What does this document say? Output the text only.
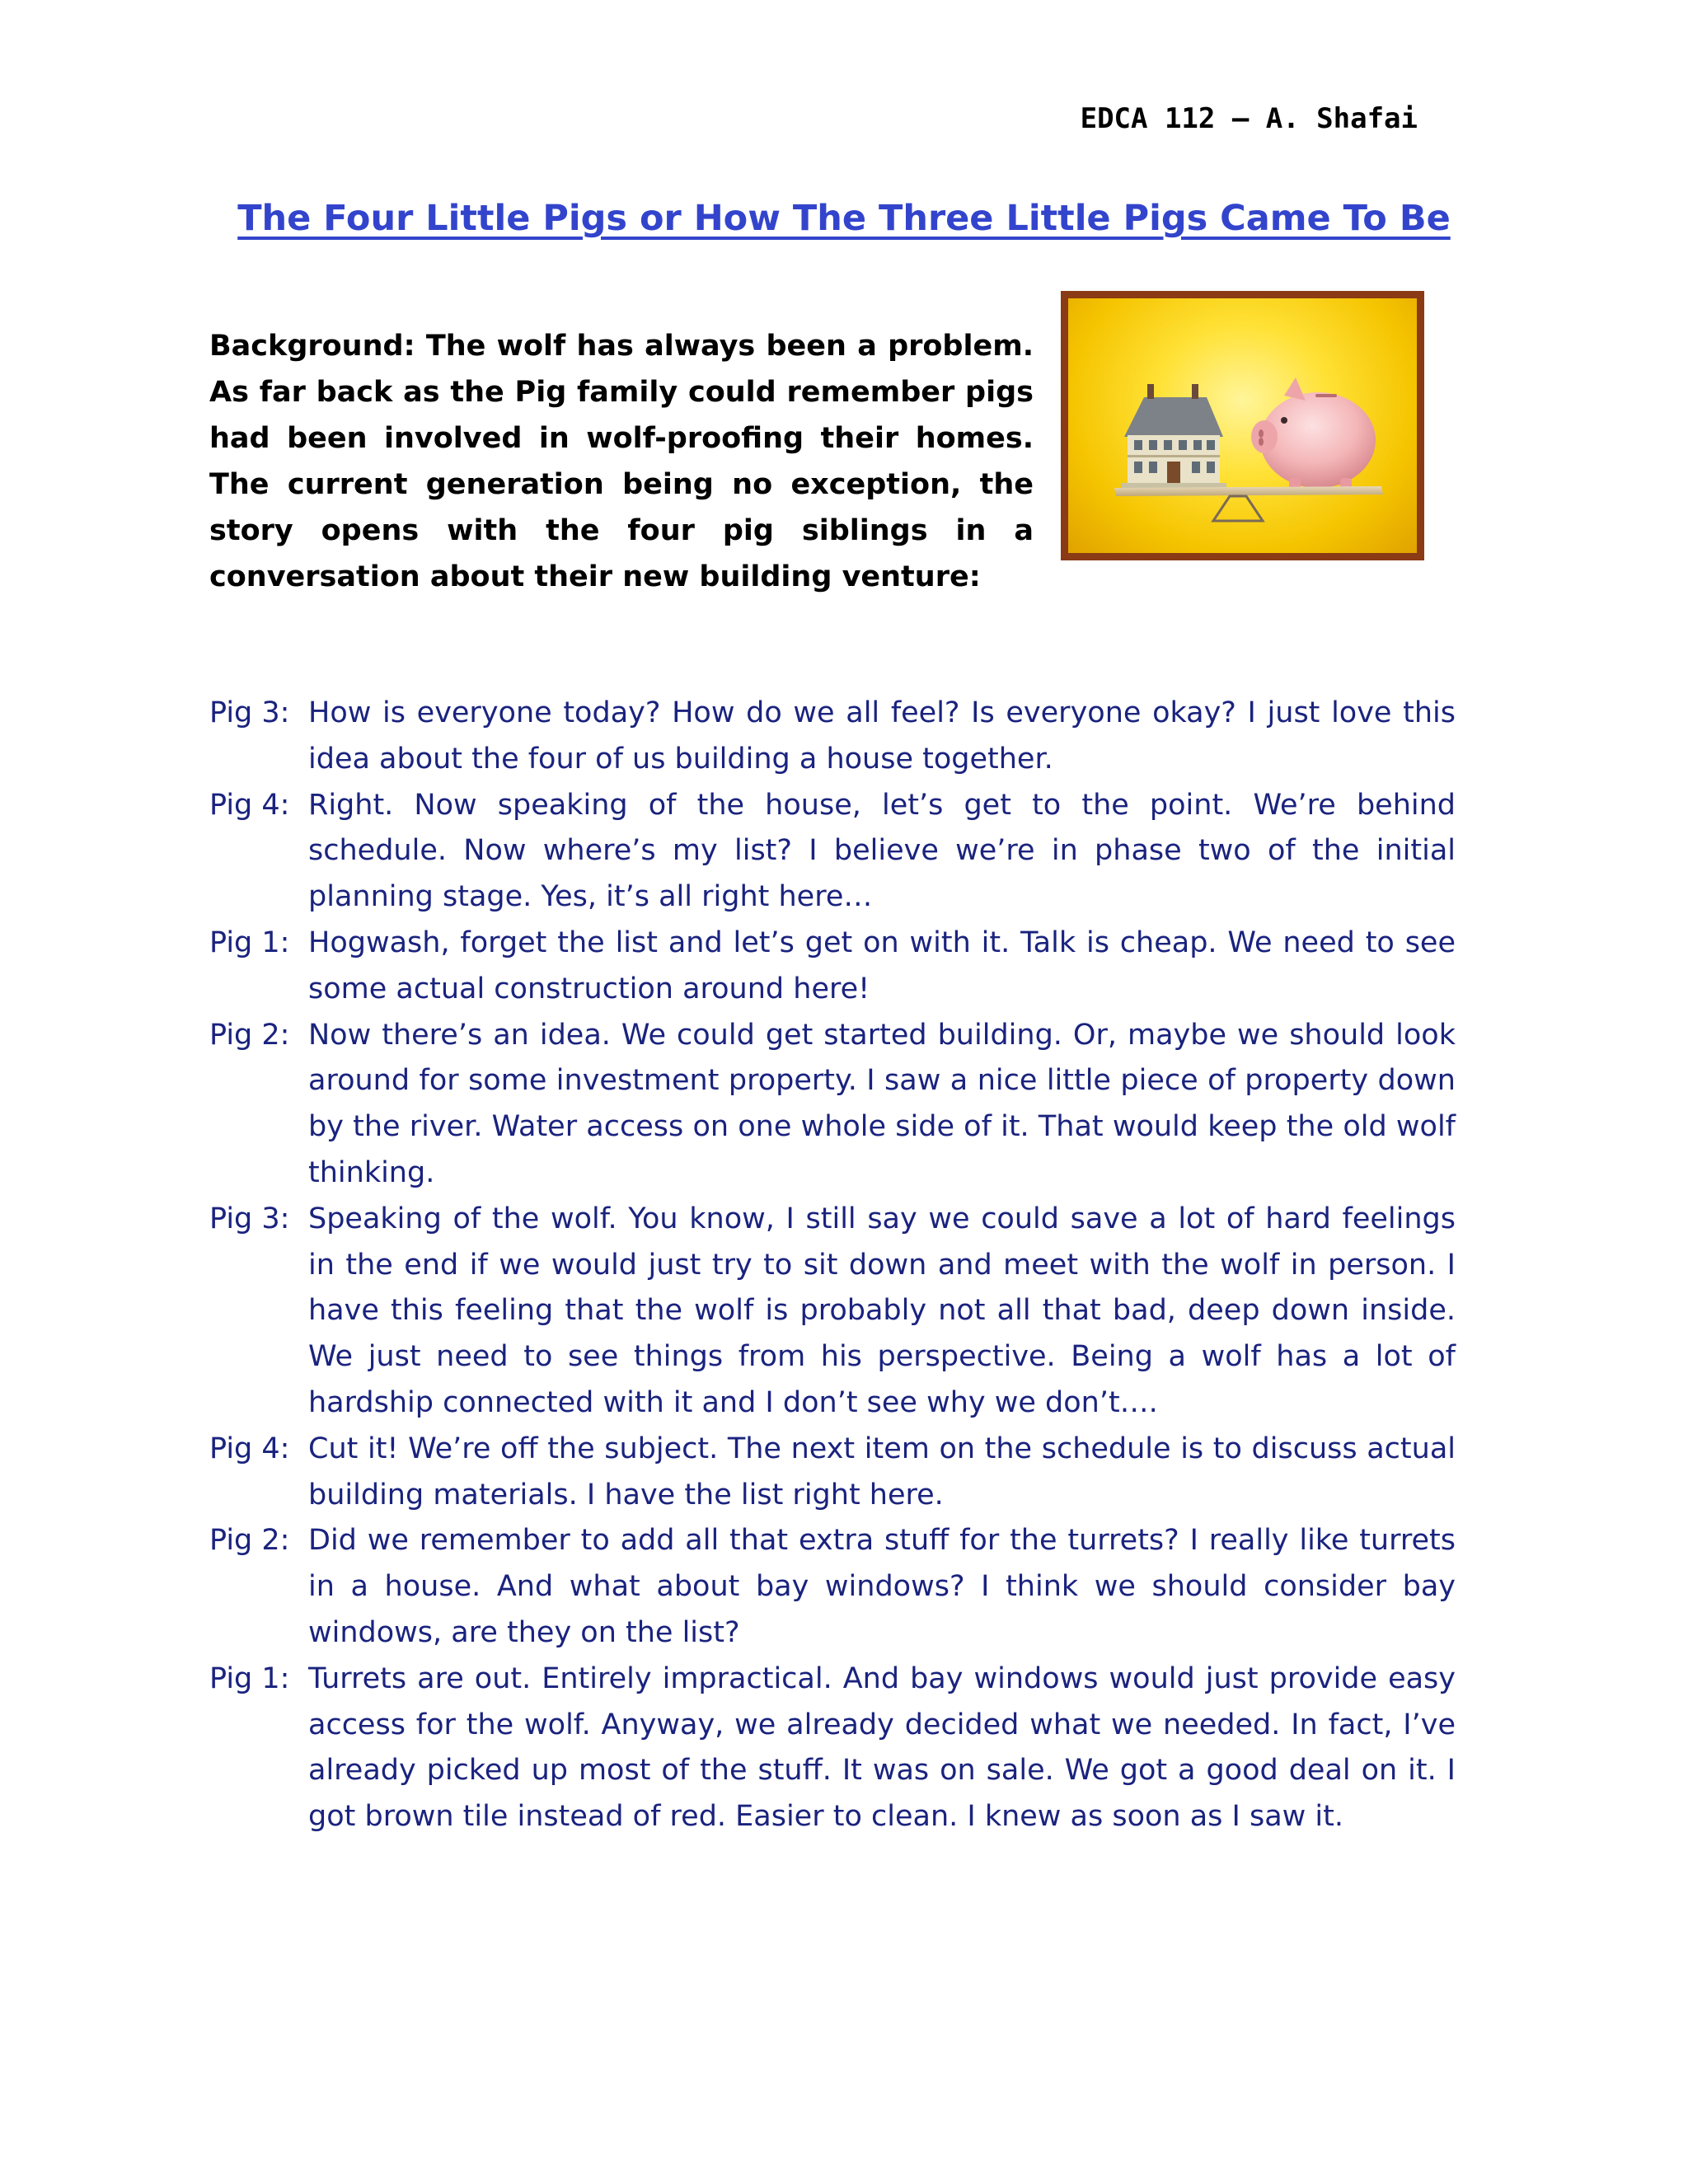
EDCA 112 – A. Shafai
The Four Little Pigs or How The Three Little Pigs Came To Be
Background: The wolf has always been a problem. As far back as the Pig family could remember pigs had been involved in wolf-proofing their homes. The current generation being no exception, the story opens with the four pig siblings in a conversation about their new building venture:
Pig 3: How is everyone today? How do we all feel? Is everyone okay? I just love this idea about the four of us building a house together.
Pig 4: Right. Now speaking of the house, let’s get to the point. We’re behind schedule. Now where’s my list? I believe we’re in phase two of the initial planning stage. Yes, it’s all right here…
Pig 1: Hogwash, forget the list and let’s get on with it. Talk is cheap. We need to see some actual construction around here!
Pig 2: Now there’s an idea. We could get started building. Or, maybe we should look around for some investment property. I saw a nice little piece of property down by the river. Water access on one whole side of it. That would keep the old wolf thinking.
Pig 3: Speaking of the wolf. You know, I still say we could save a lot of hard feelings in the end if we would just try to sit down and meet with the wolf in person. I have this feeling that the wolf is probably not all that bad, deep down inside. We just need to see things from his perspective. Being a wolf has a lot of hardship connected with it and I don’t see why we don’t….
Pig 4: Cut it! We’re off the subject. The next item on the schedule is to discuss actual building materials. I have the list right here.
Pig 2: Did we remember to add all that extra stuff for the turrets? I really like turrets in a house. And what about bay windows? I think we should consider bay windows, are they on the list?
Pig 1: Turrets are out. Entirely impractical. And bay windows would just provide easy access for the wolf. Anyway, we already decided what we needed. In fact, I’ve already picked up most of the stuff. It was on sale. We got a good deal on it. I got brown tile instead of red. Easier to clean. I knew as soon as I saw it.
